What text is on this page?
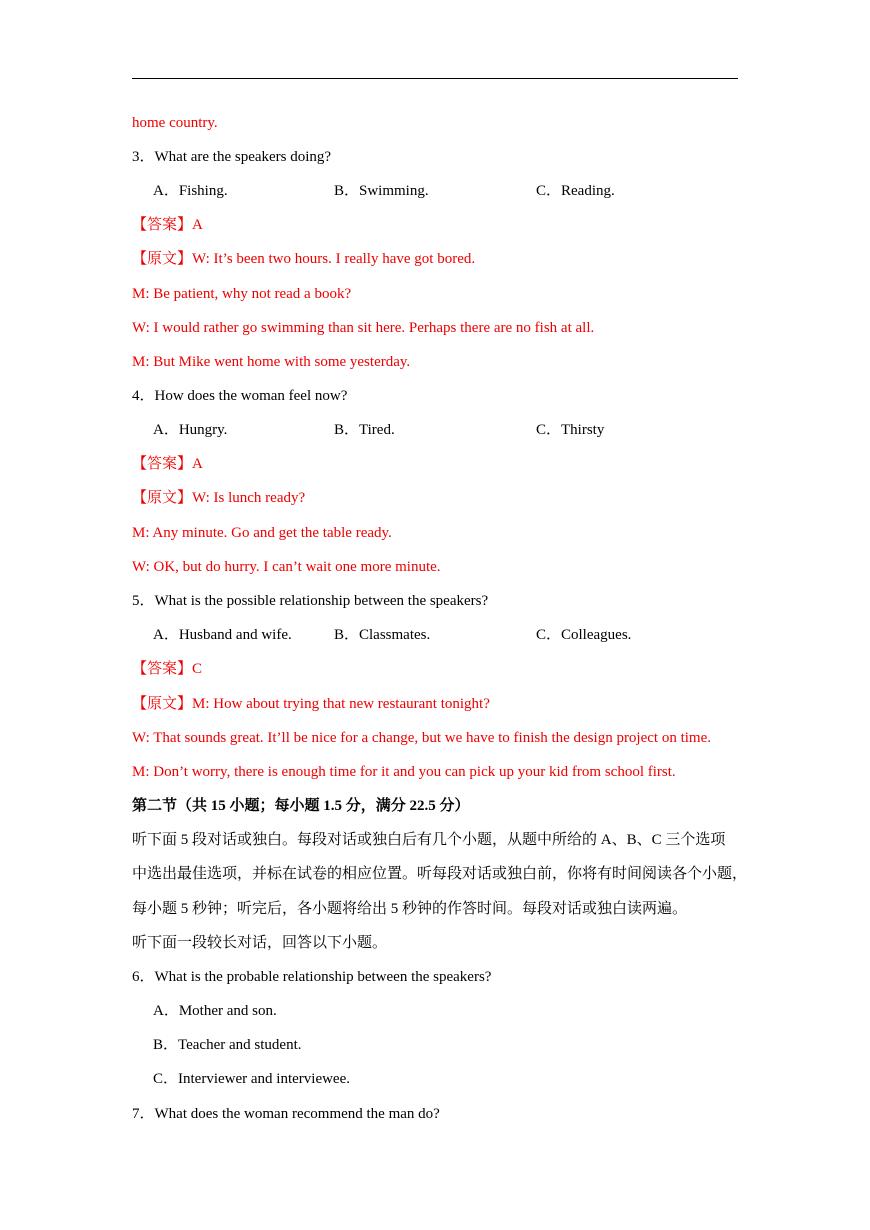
home country.
3．What are the speakers doing?
A．Fishing.	B．Swimming.	C．Reading.
【答案】A
【原文】W: It’s been two hours. I really have got bored.
M: Be patient, why not read a book?
W: I would rather go swimming than sit here. Perhaps there are no fish at all.
M: But Mike went home with some yesterday.
4．How does the woman feel now?
A．Hungry.	B．Tired.	C．Thirsty
【答案】A
【原文】W: Is lunch ready?
M: Any minute. Go and get the table ready.
W: OK, but do hurry. I can’t wait one more minute.
5．What is the possible relationship between the speakers?
A．Husband and wife.	B．Classmates.	C．Colleagues.
【答案】C
【原文】M: How about trying that new restaurant tonight?
W: That sounds great. It’ll be nice for a change, but we have to finish the design project on time.
M: Don’t worry, there is enough time for it and you can pick up your kid from school first.
第二节（共 15 小题；每小题 1.5 分，满分 22.5 分）
听下面 5 段对话或独白。每段对话或独白后有几个小题，从题中所给的 A、B、C 三个选项
中选出最佳选项，并标在试卷的相应位置。听每段对话或独白前，你将有时间阅读各个小题，
每小题 5 秒钟；听完后，各小题将给出 5 秒钟的作答时间。每段对话或独白读两遍。
听下面一段较长对话，回答以下小题。
6．What is the probable relationship between the speakers?
A．Mother and son.
B．Teacher and student.
C．Interviewer and interviewee.
7．What does the woman recommend the man do?
